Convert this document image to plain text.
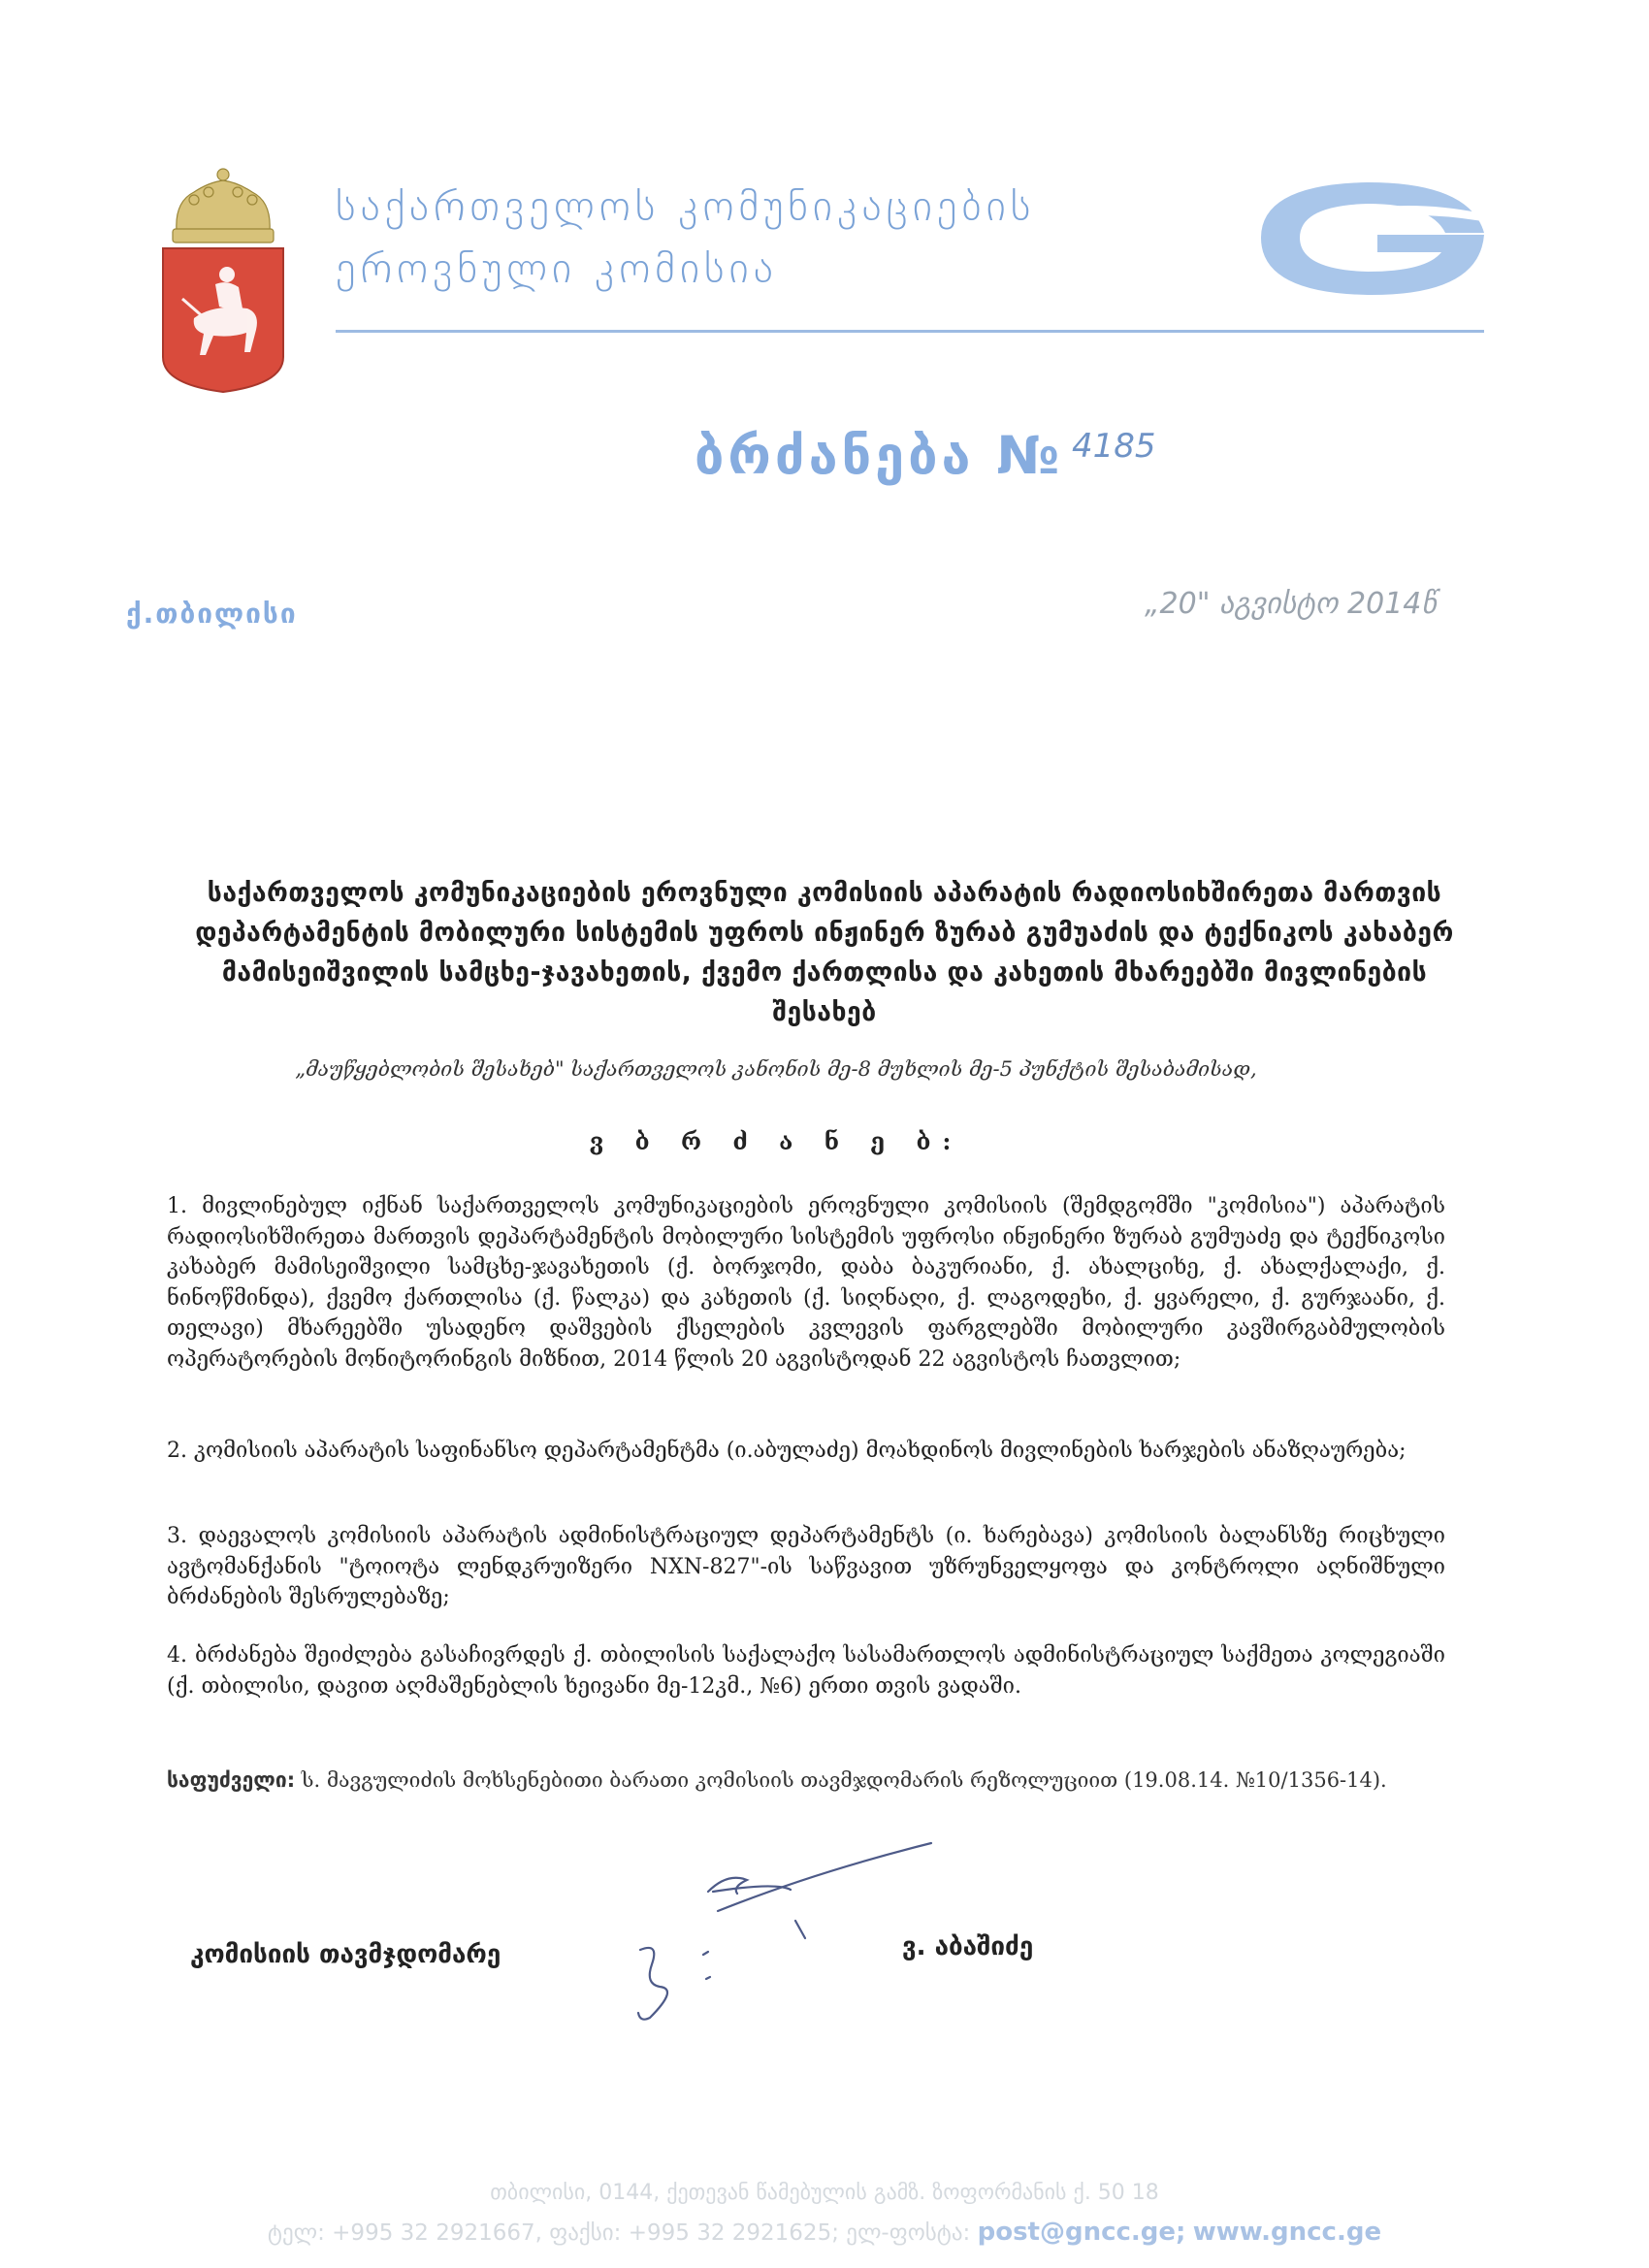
საქართველოს კომუნიკაციების
ეროვნული კომისია
ბრძანება № 4185
ქ.თბილისი	„20" აგვისტო 2014წ
საქართველოს კომუნიკაციების ეროვნული კომისიის აპარატის რადიოსიხშირეთა მართვის დეპარტამენტის მობილური სისტემის უფროს ინჟინერ ზურაბ გუმუაძის და ტექნიკოს კახაბერ მამისეიშვილის სამცხე-ჯავახეთის, ქვემო ქართლისა და კახეთის მხარეებში მივლინების შესახებ
„მაუწყებლობის შესახებ" საქართველოს კანონის მე-8 მუხლის მე-5 პუნქტის შესაბამისად,
ვ ბ რ ძ ა ნ ე ბ:
1. მივლინებულ იქნან საქართველოს კომუნიკაციების ეროვნული კომისიის (შემდგომში "კომისია") აპარატის რადიოსიხშირეთა მართვის დეპარტამენტის მობილური სისტემის უფროსი ინჟინერი ზურაბ გუმუაძე და ტექნიკოსი კახაბერ მამისეიშვილი სამცხე-ჯავახეთის (ქ. ბორჯომი, დაბა ბაკურიანი, ქ. ახალციხე, ქ. ახალქალაქი, ქ. ნინოწმინდა), ქვემო ქართლისა (ქ. წალკა) და კახეთის (ქ. სიღნაღი, ქ. ლაგოდეხი, ქ. ყვარელი, ქ. გურჯაანი, ქ. თელავი) მხარეებში უსადენო დაშვების ქსელების კვლევის ფარგლებში მობილური კავშირგაბმულობის ოპერატორების მონიტორინგის მიზნით, 2014 წლის 20 აგვისტოდან 22 აგვისტოს ჩათვლით;
2. კომისიის აპარატის საფინანსო დეპარტამენტმა (ი.აბულაძე) მოახდინოს მივლინების ხარჯების ანაზღაურება;
3. დაევალოს კომისიის აპარატის ადმინისტრაციულ დეპარტამენტს (ი. ხარებავა) კომისიის ბალანსზე რიცხული ავტომანქანის "ტოიოტა ლენდკრუიზერი NXN-827"-ის საწვავით უზრუნველყოფა და კონტროლი აღნიშნული ბრძანების შესრულებაზე;
4. ბრძანება შეიძლება გასაჩივრდეს ქ. თბილისის საქალაქო სასამართლოს ადმინისტრაციულ საქმეთა კოლეგიაში (ქ. თბილისი, დავით აღმაშენებლის ხეივანი მე-12კმ., №6) ერთი თვის ვადაში.
საფუძველი: ს. მავგულიძის მოხსენებითი ბარათი კომისიის თავმჯდომარის რეზოლუციით (19.08.14. №10/1356-14).
კომისიის თავმჯდომარე	ვ. აბაშიძე
თბილისი, 0144, ქეთევან წამებულის გამზ. ზოფორმანის ქ. 50 18
ტელ: +995 32 2921667, ფაქსი: +995 32 2921625; ელ-ფოსტა: post@gncc.ge; www.gncc.ge
